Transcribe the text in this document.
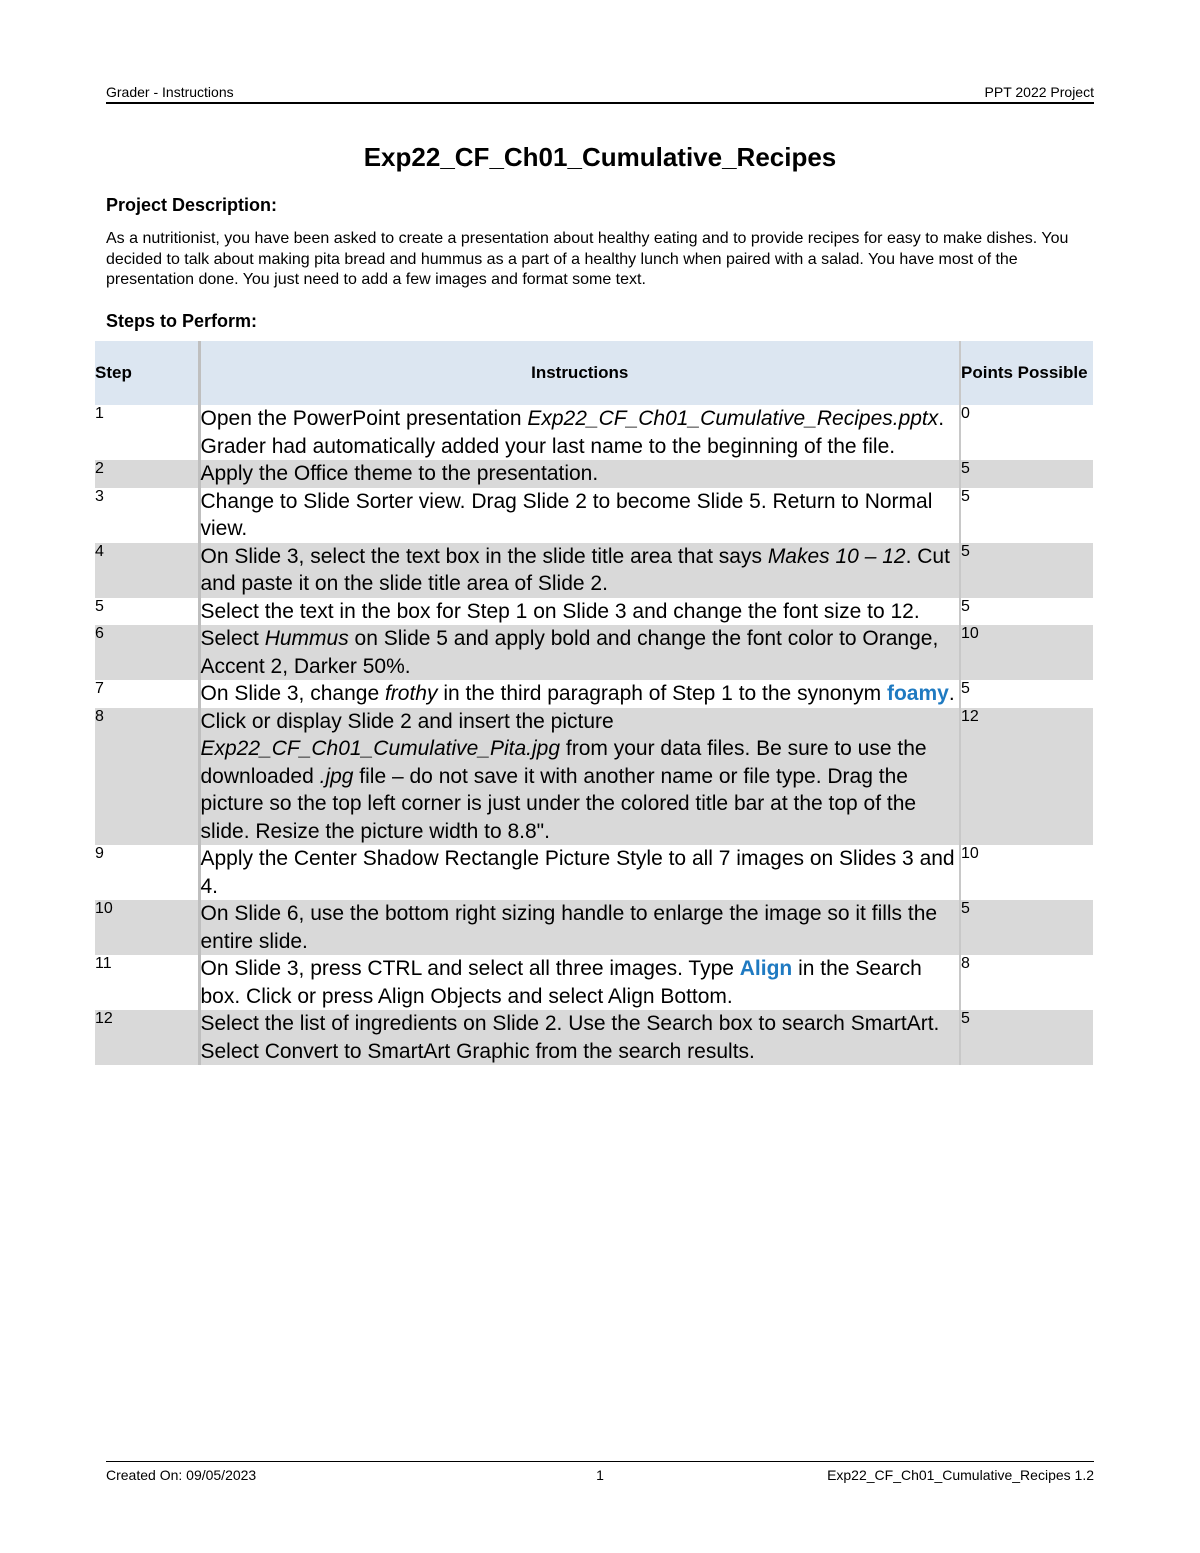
Grader - Instructions	PPT 2022 Project
Exp22_CF_Ch01_Cumulative_Recipes
Project Description:
As a nutritionist, you have been asked to create a presentation about healthy eating and to provide recipes for easy to make dishes. You decided to talk about making pita bread and hummus as a part of a healthy lunch when paired with a salad. You have most of the presentation done. You just need to add a few images and format some text.
Steps to Perform:
Step	Instructions	Points Possible
1	Open the PowerPoint presentation Exp22_CF_Ch01_Cumulative_Recipes.pptx. Grader had automatically added your last name to the beginning of the file.	0
2	Apply the Office theme to the presentation.	5
3	Change to Slide Sorter view. Drag Slide 2 to become Slide 5. Return to Normal view.	5
4	On Slide 3, select the text box in the slide title area that says Makes 10 – 12. Cut and paste it on the slide title area of Slide 2.	5
5	Select the text in the box for Step 1 on Slide 3 and change the font size to 12.	5
6	Select Hummus on Slide 5 and apply bold and change the font color to Orange, Accent 2, Darker 50%.	10
7	On Slide 3, change frothy in the third paragraph of Step 1 to the synonym foamy.	5
8	Click or display Slide 2 and insert the picture Exp22_CF_Ch01_Cumulative_Pita.jpg from your data files. Be sure to use the downloaded .jpg file – do not save it with another name or file type. Drag the picture so the top left corner is just under the colored title bar at the top of the slide. Resize the picture width to 8.8".	12
9	Apply the Center Shadow Rectangle Picture Style to all 7 images on Slides 3 and 4.	10
10	On Slide 6, use the bottom right sizing handle to enlarge the image so it fills the entire slide.	5
11	On Slide 3, press CTRL and select all three images. Type Align in the Search box. Click or press Align Objects and select Align Bottom.	8
12	Select the list of ingredients on Slide 2. Use the Search box to search SmartArt. Select Convert to SmartArt Graphic from the search results.	5
Created On: 09/05/2023	1	Exp22_CF_Ch01_Cumulative_Recipes 1.2
